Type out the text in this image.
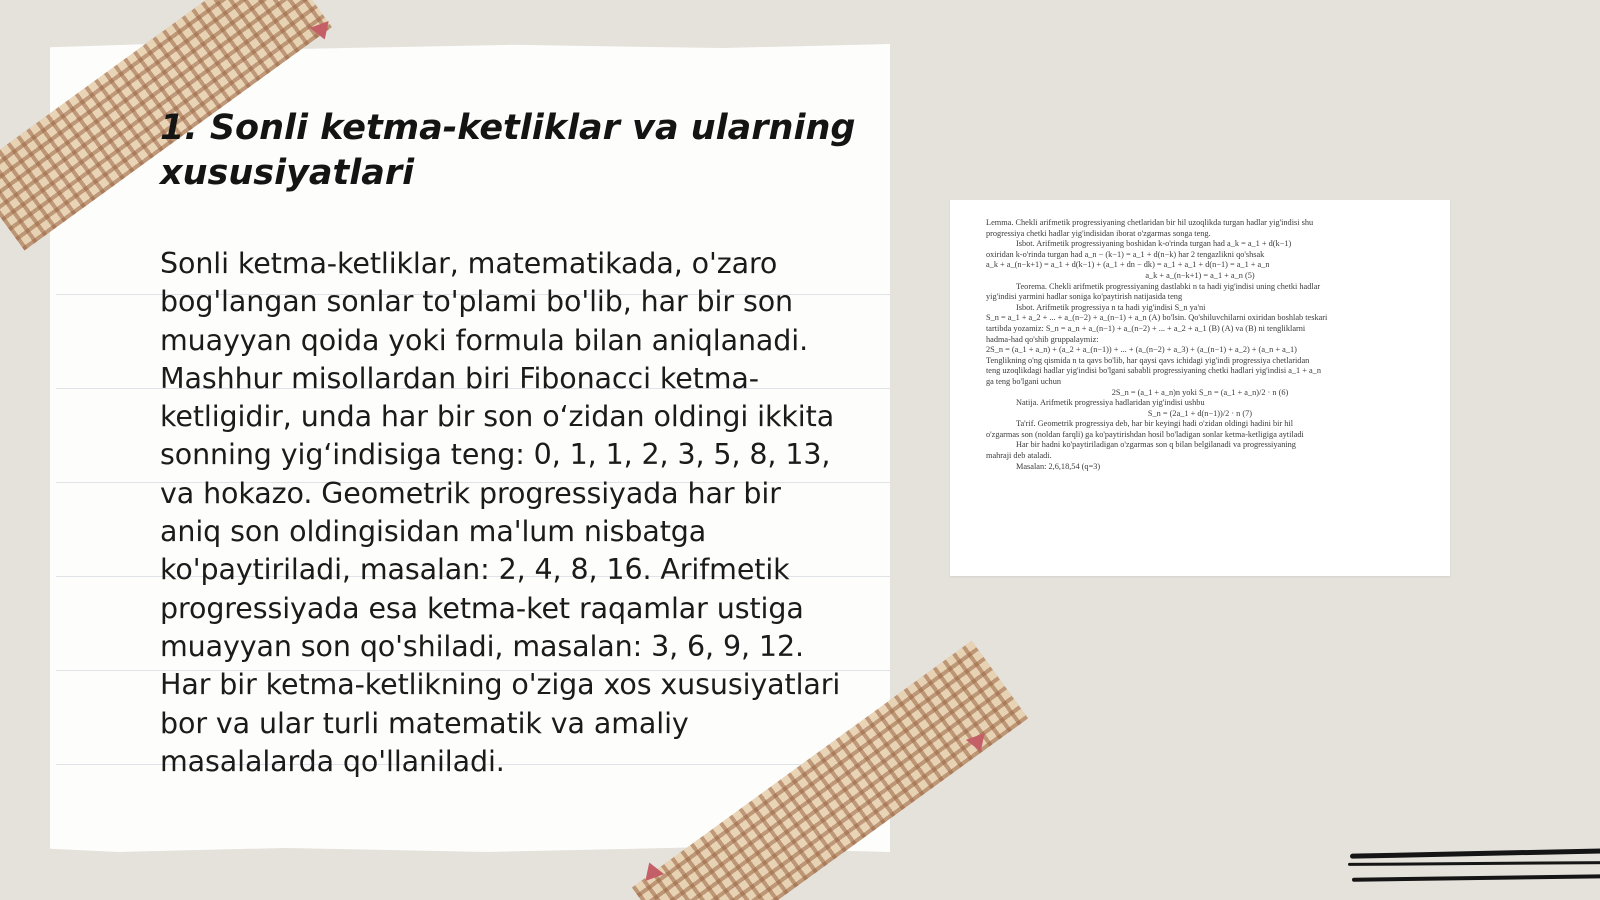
1. Sonli ketma-ketliklar va ularning xususiyatlari

Sonli ketma-ketliklar, matematikada, o'zaro bog'langan sonlar to'plami bo'lib, har bir son muayyan qoida yoki formula bilan aniqlanadi. Mashhur misollardan biri Fibonacci ketma-ketligidir, unda har bir son o‘zidan oldingi ikkita sonning yig‘indisiga teng: 0, 1, 1, 2, 3, 5, 8, 13, va hokazo. Geometrik progressiyada har bir aniq son oldingisidan ma'lum nisbatga ko'paytiriladi, masalan: 2, 4, 8, 16. Arifmetik progressiyada esa ketma-ket raqamlar ustiga muayyan son qo'shiladi, masalan: 3, 6, 9, 12. Har bir ketma-ketlikning o'ziga xos xususiyatlari bor va ular turli matematik va amaliy masalalarda qo'llaniladi.

Lemma. Chekli arifmetik progressiyaning chetlaridan bir hil uzoqlikda turgan hadlar yig'indisi shu
progressiya chetki hadlar yig'indisidan iborat o'zgarmas songa teng.
Isbot. Arifmetik progressiyaning boshidan k-o'rinda turgan had a_k = a_1 + d(k−1)
oxiridan k-o'rinda turgan had a_n − (k−1) = a_1 + d(n−k) har 2 tengazlikni qo'shsak
a_k + a_(n−k+1) = a_1 + d(k−1) + (a_1 + dn − dk) = a_1 + a_1 + d(n−1) = a_1 + a_n
a_k + a_(n−k+1) = a_1 + a_n (5)
Teorema. Chekli arifmetik progressiyaning dastlabki n ta hadi yig'indisi uning chetki hadlar
yig'indisi yarmini hadlar soniga ko'paytirish natijasida teng
Isbot. Arifmetik progressiya n ta hadi yig'indisi S_n ya'ni
S_n = a_1 + a_2 + ... + a_(n−2) + a_(n−1) + a_n (A) bo'lsin. Qo'shiluvchilarni oxiridan boshlab teskari
tartibda yozamiz: S_n = a_n + a_(n−1) + a_(n−2) + ... + a_2 + a_1 (B) (A) va (B) ni tengliklarni
hadma-had qo'shib gruppalaymiz:
2S_n = (a_1 + a_n) + (a_2 + a_(n−1)) + ... + (a_(n−2) + a_3) + (a_(n−1) + a_2) + (a_n + a_1)
Tenglikning o'ng qismida n ta qavs bo'lib, har qaysi qavs ichidagi yig'indi progressiya chetlaridan
teng uzoqlikdagi hadlar yig'indisi bo'lgani sababli progressiyaning chetki hadlari yig'indisi a_1 + a_n
ga teng bo'lgani uchun
2S_n = (a_1 + a_n)n yoki S_n = (a_1 + a_n)/2 · n (6)
Natija. Arifmetik progressiya hadlaridan yig'indisi ushbu
S_n = (2a_1 + d(n−1))/2 · n (7)
Ta'rif. Geometrik progressiya deb, har bir keyingi hadi o'zidan oldingi hadini bir hil
o'zgarmas son (noldan farqli) ga ko'paytirishdan hosil bo'ladigan sonlar ketma-ketligiga aytiladi
Har bir hadni ko'paytiriladigan o'zgarmas son q bilan belgilanadi va progressiyaning
mahraji deb ataladi.
Masalan: 2,6,18,54 (q=3)
